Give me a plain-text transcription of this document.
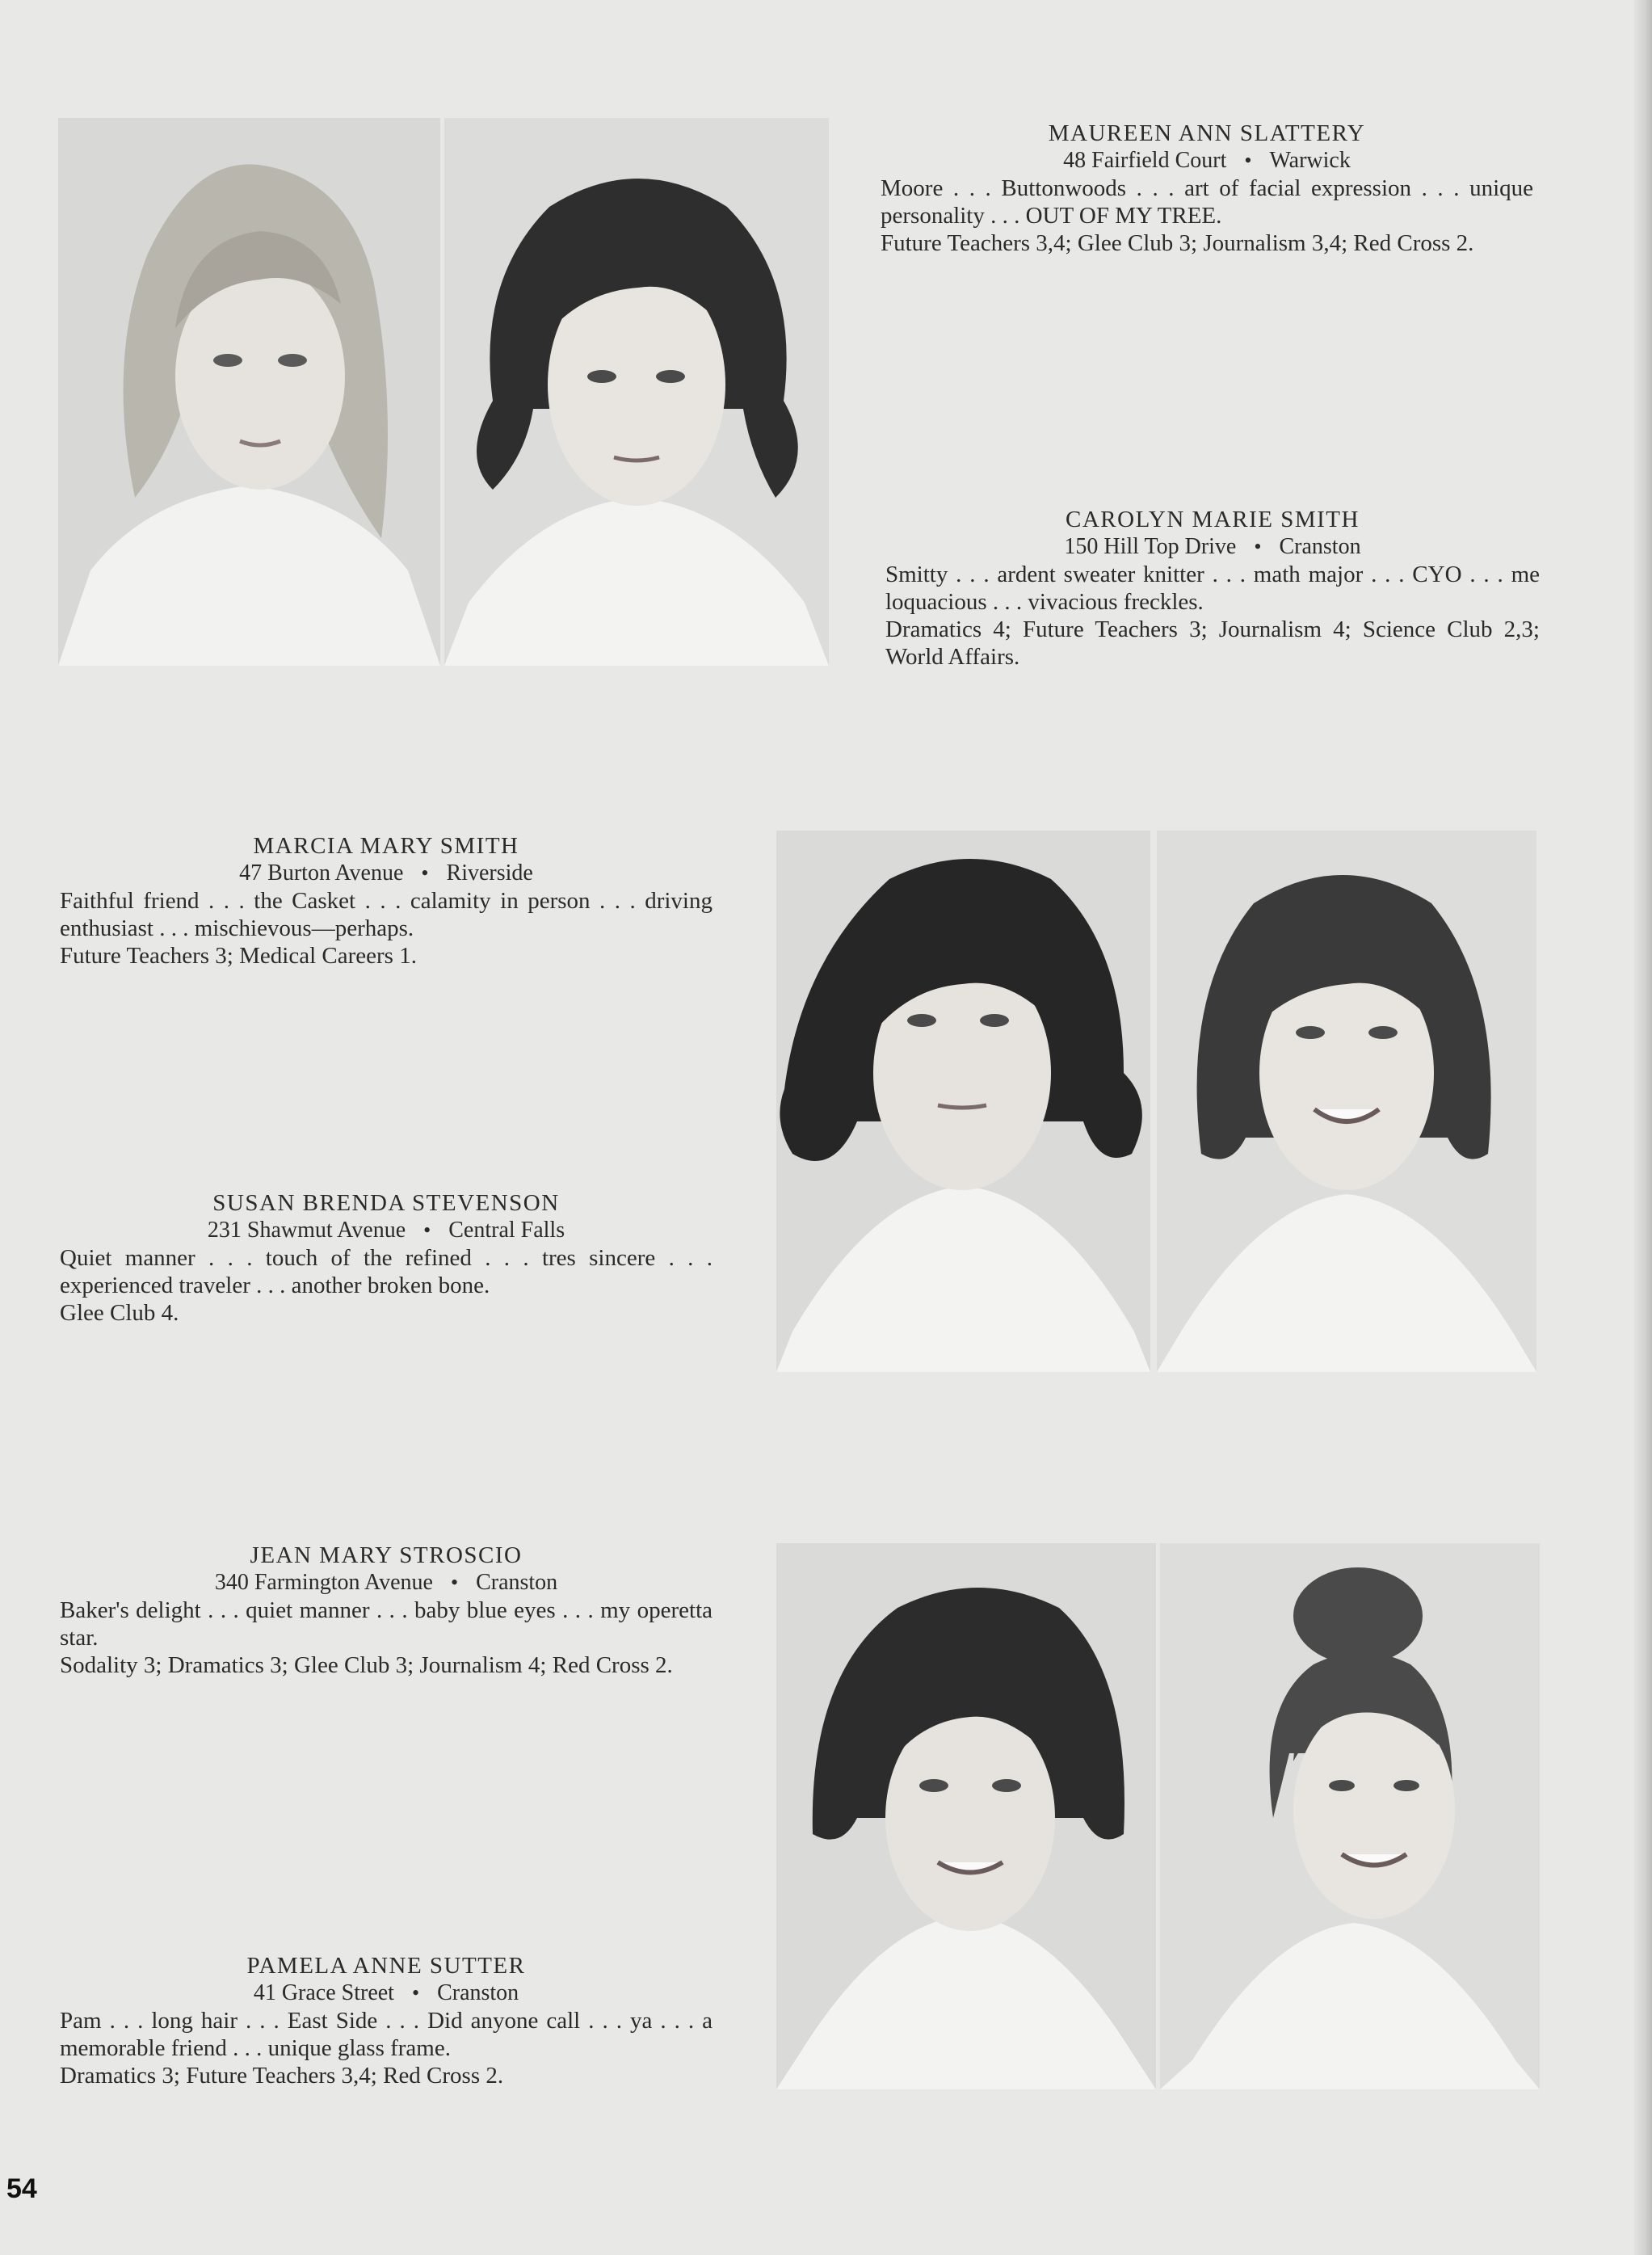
MAUREEN ANN SLATTERY
48 Fairfield Court • Warwick
Moore . . . Buttonwoods . . . art of facial expression . . . unique personality . . . OUT OF MY TREE.
Future Teachers 3,4; Glee Club 3; Journalism 3,4; Red Cross 2.
CAROLYN MARIE SMITH
150 Hill Top Drive • Cranston
Smitty . . . ardent sweater knitter . . . math major . . . CYO . . . me loquacious . . . vivacious freckles.
Dramatics 4; Future Teachers 3; Journalism 4; Science Club 2,3; World Affairs.
MARCIA MARY SMITH
47 Burton Avenue • Riverside
Faithful friend . . . the Casket . . . calamity in person . . . driving enthusiast . . . mischievous—perhaps.
Future Teachers 3; Medical Careers 1.
SUSAN BRENDA STEVENSON
231 Shawmut Avenue • Central Falls
Quiet manner . . . touch of the refined . . . tres sincere . . . experienced traveler . . . another broken bone.
Glee Club 4.
JEAN MARY STROSCIO
340 Farmington Avenue • Cranston
Baker's delight . . . quiet manner . . . baby blue eyes . . . my operetta star.
Sodality 3; Dramatics 3; Glee Club 3; Journalism 4; Red Cross 2.
PAMELA ANNE SUTTER
41 Grace Street • Cranston
Pam . . . long hair . . . East Side . . . Did anyone call . . . ya . . . a memorable friend . . . unique glass frame.
Dramatics 3; Future Teachers 3,4; Red Cross 2.
54
